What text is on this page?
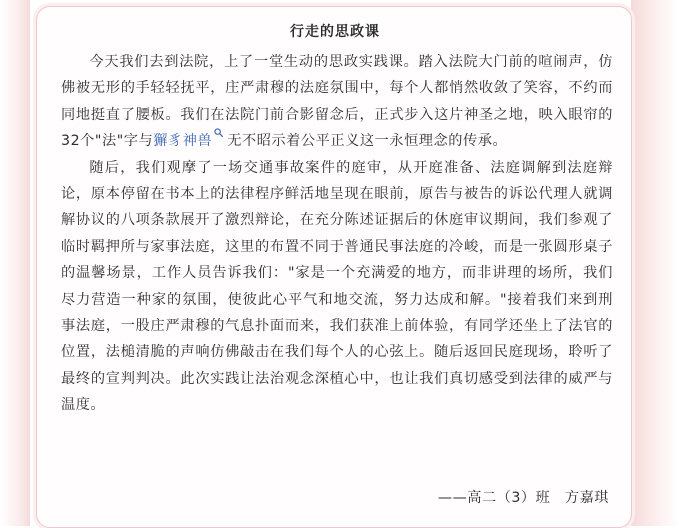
行走的思政课

今天我们去到法院，上了一堂生动的思政实践课。踏入法院大门前的喧闹声，仿佛被无形的手轻轻抚平，庄严肃穆的法庭氛围中，每个人都悄然收敛了笑容，不约而同地挺直了腰板。我们在法院门前合影留念后，正式步入这片神圣之地，映入眼帘的32个"法"字与獬豸神兽 无不昭示着公平正义这一永恒理念的传承。

随后，我们观摩了一场交通事故案件的庭审，从开庭准备、法庭调解到法庭辩论，原本停留在书本上的法律程序鲜活地呈现在眼前，原告与被告的诉讼代理人就调解协议的八项条款展开了激烈辩论，在充分陈述证据后的休庭审议期间，我们参观了临时羁押所与家事法庭，这里的布置不同于普通民事法庭的冷峻，而是一张圆形桌子的温馨场景，工作人员告诉我们："家是一个充满爱的地方，而非讲理的场所，我们尽力营造一种家的氛围，使彼此心平气和地交流，努力达成和解。"接着我们来到刑事法庭，一股庄严肃穆的气息扑面而来，我们获准上前体验，有同学还坐上了法官的位置，法槌清脆的声响仿佛敲击在我们每个人的心弦上。随后返回民庭现场，聆听了最终的宣判判决。此次实践让法治观念深植心中，也让我们真切感受到法律的威严与温度。

——高二（3）班　方嘉琪
